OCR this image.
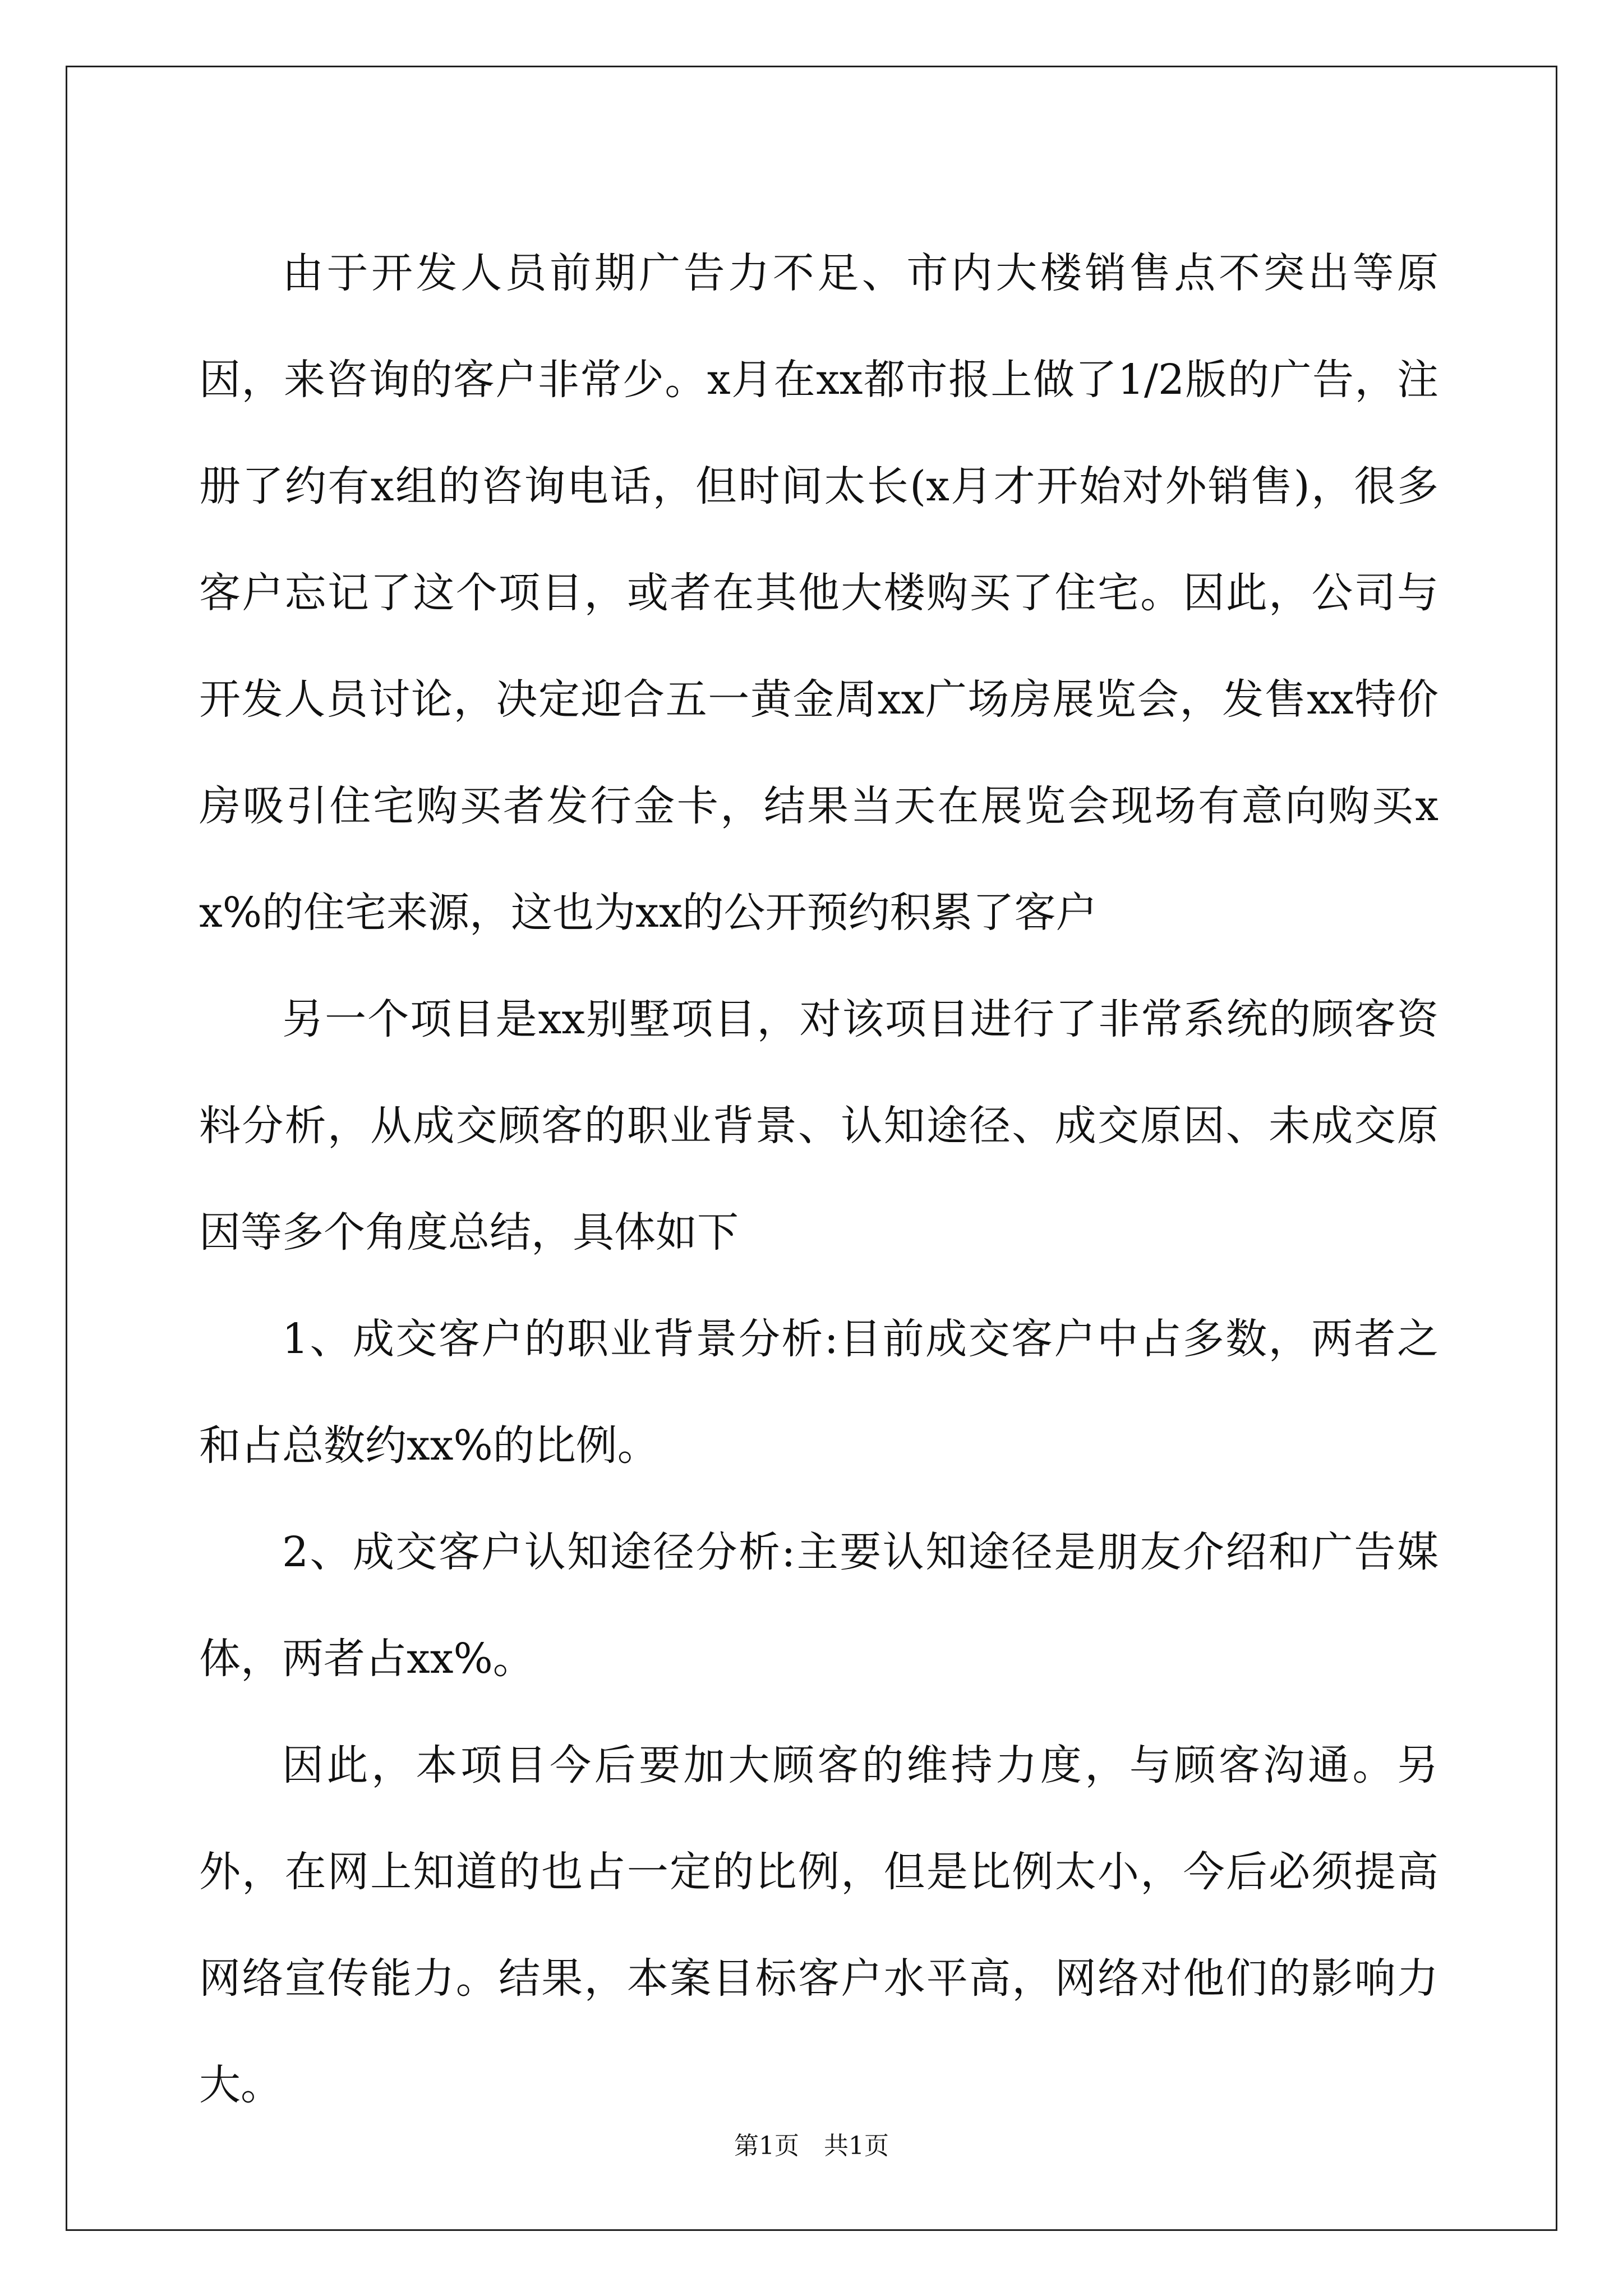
由于开发人员前期广告力不足、市内大楼销售点不突出等原因，来咨询的客户非常少。x月在xx都市报上做了1/2版的广告，注册了约有x组的咨询电话，但时间太长(x月才开始对外销售)，很多客户忘记了这个项目，或者在其他大楼购买了住宅。因此，公司与开发人员讨论，决定迎合五一黄金周xx广场房展览会，发售xx特价房吸引住宅购买者发行金卡，结果当天在展览会现场有意向购买xx%的住宅来源，这也为xx的公开预约积累了客户

另一个项目是xx别墅项目，对该项目进行了非常系统的顾客资料分析，从成交顾客的职业背景、认知途径、成交原因、未成交原因等多个角度总结，具体如下

1、成交客户的职业背景分析:目前成交客户中占多数，两者之和占总数约xx%的比例。

2、成交客户认知途径分析:主要认知途径是朋友介绍和广告媒体，两者占xx%。

因此，本项目今后要加大顾客的维持力度，与顾客沟通。另外，在网上知道的也占一定的比例，但是比例太小，今后必须提高网络宣传能力。结果，本案目标客户水平高，网络对他们的影响力大。

第1页　共1页
